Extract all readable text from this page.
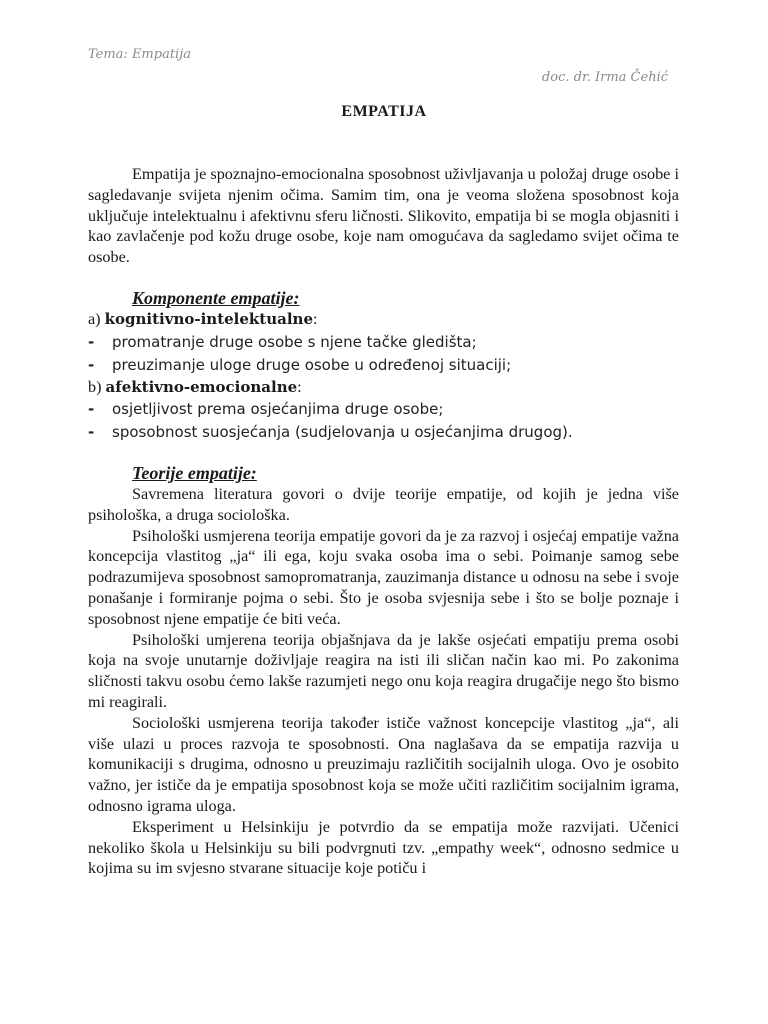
Tema: Empatija
doc. dr. Irma Čehić
EMPATIJA

Empatija je spoznajno-emocionalna sposobnost uživljavanja u položaj druge osobe i sagledavanje svijeta njenim očima. Samim tim, ona je veoma složena sposobnost koja uključuje intelektualnu i afektivnu sferu ličnosti. Slikovito, empatija bi se mogla objasniti i kao zavlačenje pod kožu druge osobe, koje nam omogućava da sagledamo svijet očima te osobe.

Komponente empatije:

a) kognitivno-intelektualne:

-	promatranje druge osobe s njene tačke gledišta;
-	preuzimanje uloge druge osobe u određenoj situaciji;

b) afektivno-emocionalne:

-	osjetljivost prema osjećanjima druge osobe;
-	sposobnost suosjećanja (sudjelovanja u osjećanjima drugog).
Teorije empatije:

Savremena literatura govori o dvije teorije empatije, od kojih je jedna više psihološka, a druga sociološka.

Psihološki usmjerena teorija empatije govori da je za razvoj i osjećaj empatije važna koncepcija vlastitog „ja“ ili ega, koju svaka osoba ima o sebi. Poimanje samog sebe podrazumijeva sposobnost samopromatranja, zauzimanja distance u odnosu na sebe i svoje ponašanje i formiranje pojma o sebi. Što je osoba svjesnija sebe i što se bolje poznaje i sposobnost njene empatije će biti veća.

Psihološki umjerena teorija objašnjava da je lakše osjećati empatiju prema osobi koja na svoje unutarnje doživljaje reagira na isti ili sličan način kao mi. Po zakonima sličnosti takvu osobu ćemo lakše razumjeti nego onu koja reagira drugačije nego što bismo mi reagirali.

Sociološki usmjerena teorija također ističe važnost koncepcije vlastitog „ja“, ali više ulazi u proces razvoja te sposobnosti. Ona naglašava da se empatija razvija u komunikaciji s drugima, odnosno u preuzimaju različitih socijalnih uloga. Ovo je osobito važno, jer ističe da je empatija sposobnost koja se može učiti različitim socijalnim igrama, odnosno igrama uloga.

Eksperiment u Helsinkiju je potvrdio da se empatija može razvijati. Učenici nekoliko škola u Helsinkiju su bili podvrgnuti tzv. „empathy week“, odnosno sedmice u kojima su im svjesno stvarane situacije koje potiču i
